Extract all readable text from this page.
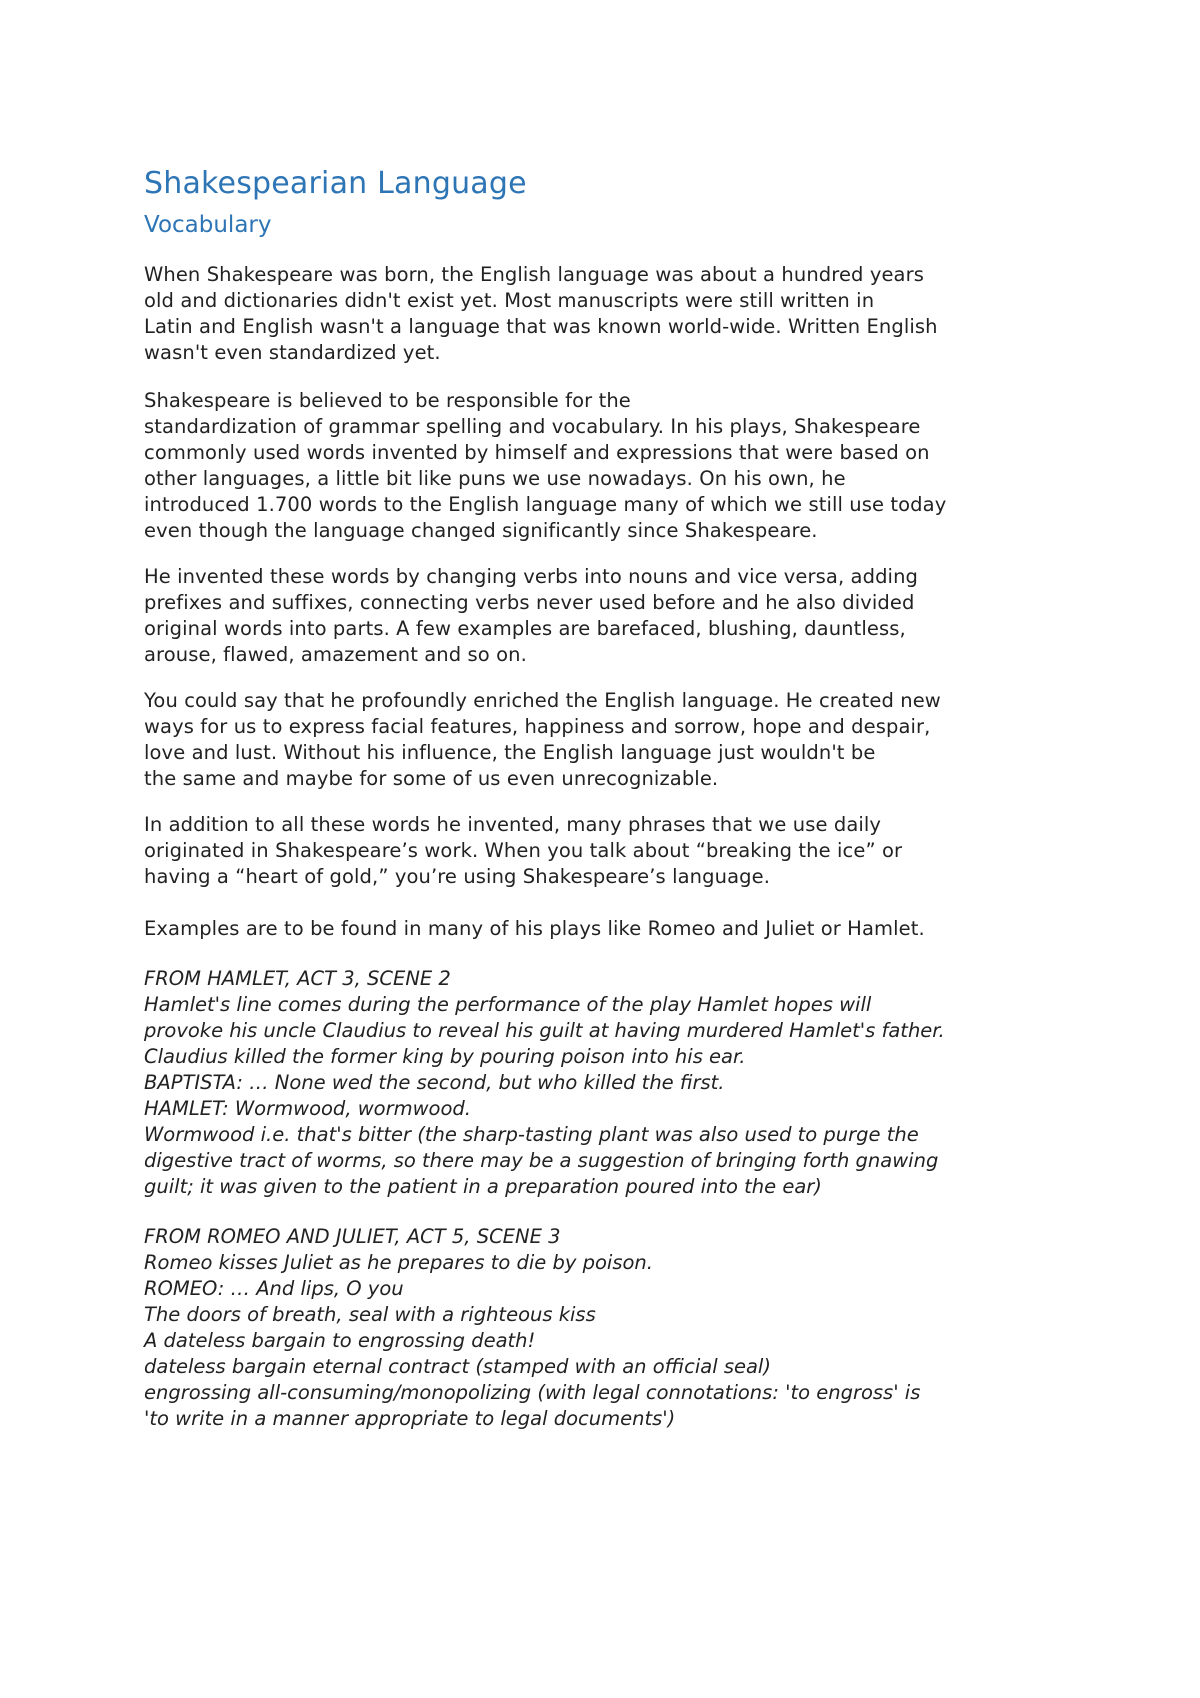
Shakespearian Language
Vocabulary

When Shakespeare was born, the English language was about a hundred years
old and dictionaries didn't exist yet. Most manuscripts were still written in
Latin and English wasn't a language that was known world-wide. Written English
wasn't even standardized yet.

Shakespeare is believed to be responsible for the
standardization of grammar spelling and vocabulary. In his plays, Shakespeare
commonly used words invented by himself and expressions that were based on
other languages, a little bit like puns we use nowadays. On his own, he
introduced 1.700 words to the English language many of which we still use today
even though the language changed significantly since Shakespeare.

He invented these words by changing verbs into nouns and vice versa, adding
prefixes and suffixes, connecting verbs never used before and he also divided
original words into parts. A few examples are barefaced, blushing, dauntless,
arouse, flawed, amazement and so on.

You could say that he profoundly enriched the English language. He created new
ways for us to express facial features, happiness and sorrow, hope and despair,
love and lust. Without his influence, the English language just wouldn't be
the same and maybe for some of us even unrecognizable.

In addition to all these words he invented, many phrases that we use daily
originated in Shakespeare’s work. When you talk about “breaking the ice” or
having a “heart of gold,” you’re using Shakespeare’s language.

Examples are to be found in many of his plays like Romeo and Juliet or Hamlet.

FROM HAMLET, ACT 3, SCENE 2
Hamlet's line comes during the performance of the play Hamlet hopes will
provoke his uncle Claudius to reveal his guilt at having murdered Hamlet's father.
Claudius killed the former king by pouring poison into his ear.
BAPTISTA: … None wed the second, but who killed the first.
HAMLET: Wormwood, wormwood.
Wormwood i.e. that's bitter (the sharp-tasting plant was also used to purge the
digestive tract of worms, so there may be a suggestion of bringing forth gnawing
guilt; it was given to the patient in a preparation poured into the ear)

FROM ROMEO AND JULIET, ACT 5, SCENE 3
Romeo kisses Juliet as he prepares to die by poison.
ROMEO: … And lips, O you
The doors of breath, seal with a righteous kiss
A dateless bargain to engrossing death!
dateless bargain eternal contract (stamped with an official seal)
engrossing all-consuming/monopolizing (with legal connotations: 'to engross' is
'to write in a manner appropriate to legal documents')
